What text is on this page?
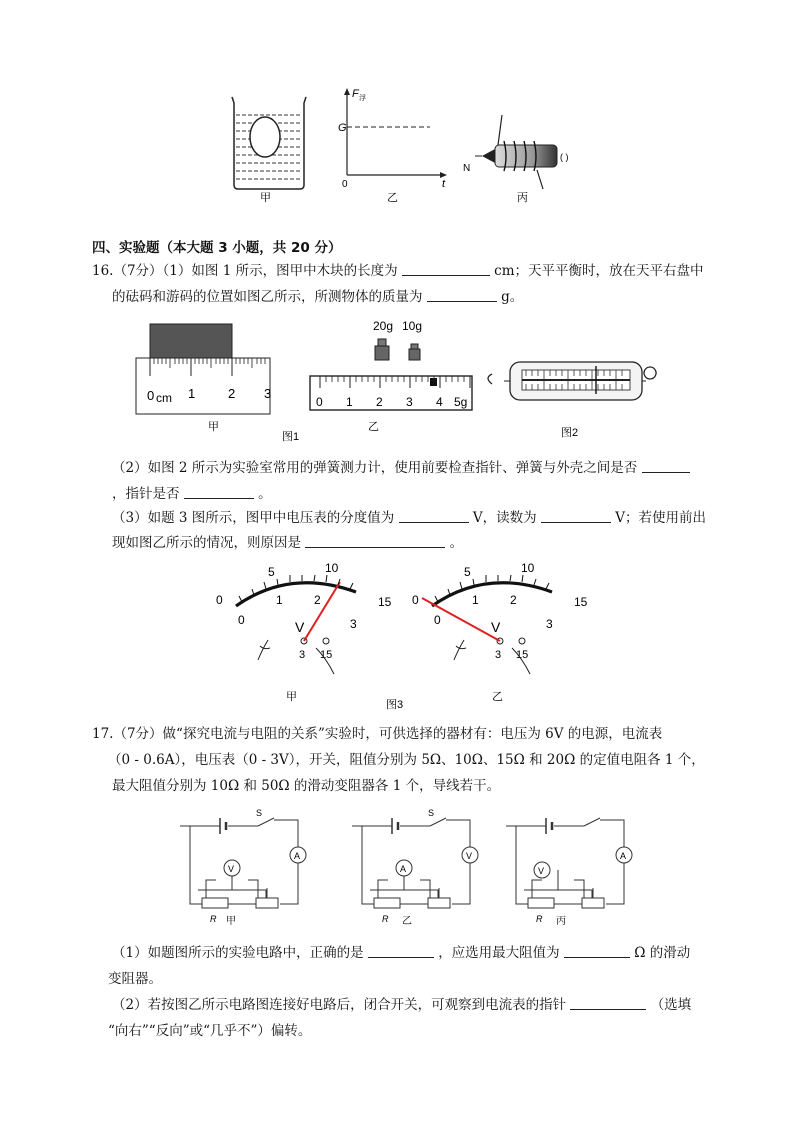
甲
F 浮
G
0	t
乙
N
( )
丙
四、实验题（本大题 3 小题，共 20 分）
16.（7分）（1）如图 1 所示，图甲中木块的长度为	cm；天平平衡时，放在天平右盘中
的砝码和游码的位置如图乙所示，所测物体的质量为	g。
0 cm 1	2 3
甲
20g 10g
0 1 2 3 4 5g
乙
图1	图2
（2）如图 2 所示为实验室常用的弹簧测力计，使用前要检查指针、弹簧与外壳之间是否
，指针是否	。
（3）如题 3 图所示，图甲中电压表的分度值为	V，读数为	V；若使用前出
现如图乙所示的情况，则原因是	。
0
5	10
15
0
1	2
3
V
3 15
甲
0
5	10
15
0
1	2
3
V
3 15
乙
图3
17.（7分）做“探究电流与电阻的关系”实验时，可供选择的器材有：电压为 6V 的电源，电流表
（0 - 0.6A），电压表（0 - 3V），开关，阻值分别为 5Ω、10Ω、15Ω 和 20Ω 的定值电阻各 1 个，
最大阻值分别为 10Ω 和 50Ω 的滑动变阻器各 1 个，导线若干。
S
A
V
R 甲
S
V
A
R 乙
A
V
R 丙
（1）如题图所示的实验电路中，正确的是	，应选用最大阻值为	Ω 的滑动
变阻器。
（2）若按图乙所示电路图连接好电路后，闭合开关，可观察到电流表的指针	（选填
“向右”“反向”或“几乎不”）偏转。
